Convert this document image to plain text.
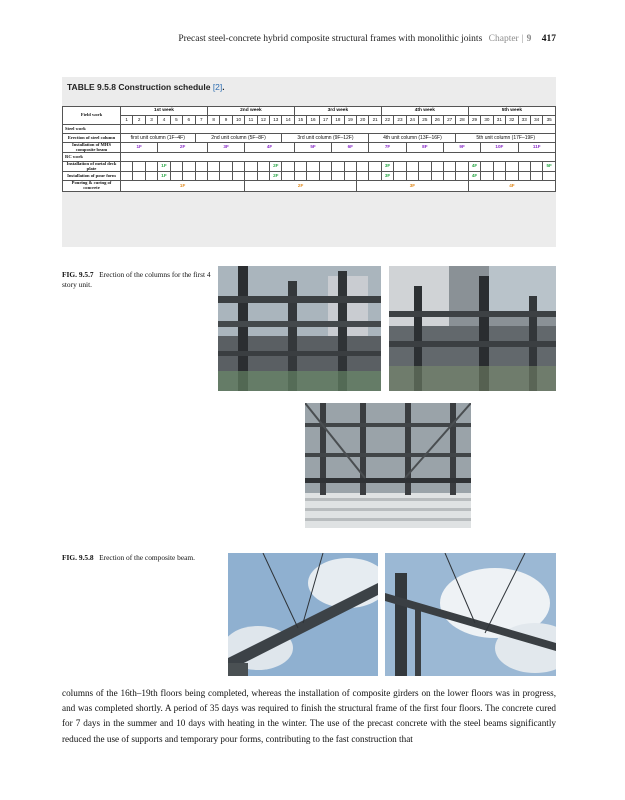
Precast steel-concrete hybrid composite structural frames with monolithic joints Chapter | 9 417
TABLE 9.5.8 Construction schedule [2].
Field work	1st week							2nd week							3rd week							4th week							5th week						
	1	2	3	4	5	6	7	8	9	10	11	12	13	14	15	16	17	18	19	20	21	22	23	24	25	26	27	28	29	30	31	32	33	34	35
Steel work																																			
Erection of steel column	first unit column (1F–4F)						2nd unit column (5F–8F)							3rd unit column (9F–12F)							4th unit column (13F–16F)							5th unit column (17F–19F)							
Installation of MHS composite beam	1F			2F				3F			4F				5F			6F			7F			8F			9F			10F			11F		
RC work																																			
Installation of metal deck plate				1F									2F									3F							4F						5F
Installation of pour form				1F									2F									3F							4F						
Pouring & curing of concrete	1F										2F									3F									4F						
FIG. 9.5.7 Erection of the columns for the first 4 story unit.
FIG. 9.5.8 Erection of the composite beam.
columns of the 16th–19th floors being completed, whereas the installation of composite girders on the lower floors was in progress, and was completed shortly. A period of 35 days was required to finish the structural frame of the first four floors. The concrete cured for 7 days in the summer and 10 days with heating in the winter. The use of the precast concrete with the steel beams significantly reduced the use of supports and temporary pour forms, contributing to the fast construction that
